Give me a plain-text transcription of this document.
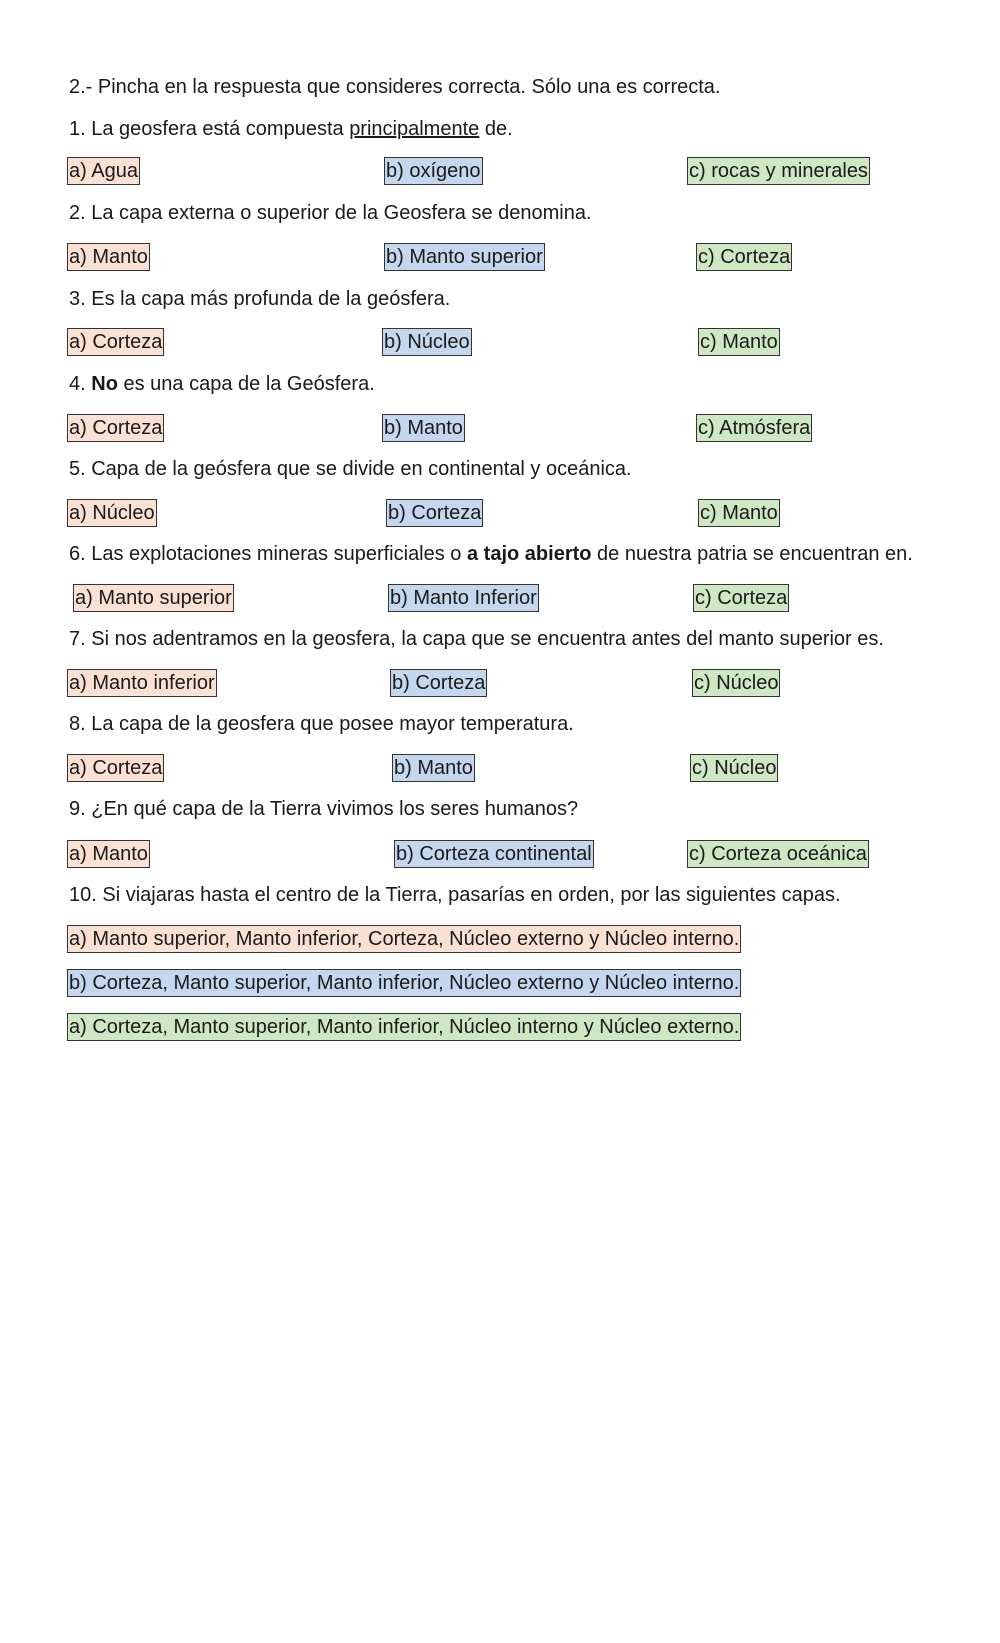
2.- Pincha en la respuesta que consideres correcta. Sólo una es correcta.
1. La geosfera está compuesta principalmente de.
a) Agua	b) oxígeno	c) rocas y minerales
2. La capa externa o superior de la Geosfera se denomina.
a) Manto	b) Manto superior	c) Corteza
3. Es la capa más profunda de la geósfera.
a) Corteza	b) Núcleo	c) Manto
4. No es una capa de la Geósfera.
a) Corteza	b) Manto	c) Atmósfera
5. Capa de la geósfera que se divide en continental y oceánica.
a) Núcleo	b) Corteza	c) Manto
6. Las explotaciones mineras superficiales o a tajo abierto de nuestra patria se encuentran en.
a) Manto superior	b) Manto Inferior	c) Corteza
7. Si nos adentramos en la geosfera, la capa que se encuentra antes del manto superior es.
a) Manto inferior	b) Corteza	c) Núcleo
8. La capa de la geosfera que posee mayor temperatura.
a) Corteza	b) Manto	c) Núcleo
9. ¿En qué capa de la Tierra vivimos los seres humanos?
a) Manto	b) Corteza continental	c) Corteza oceánica
10. Si viajaras hasta el centro de la Tierra, pasarías en orden, por las siguientes capas.
a) Manto superior, Manto inferior, Corteza, Núcleo externo y Núcleo interno.
b) Corteza, Manto superior, Manto inferior, Núcleo externo y Núcleo interno.
a) Corteza, Manto superior, Manto inferior, Núcleo interno y Núcleo externo.
